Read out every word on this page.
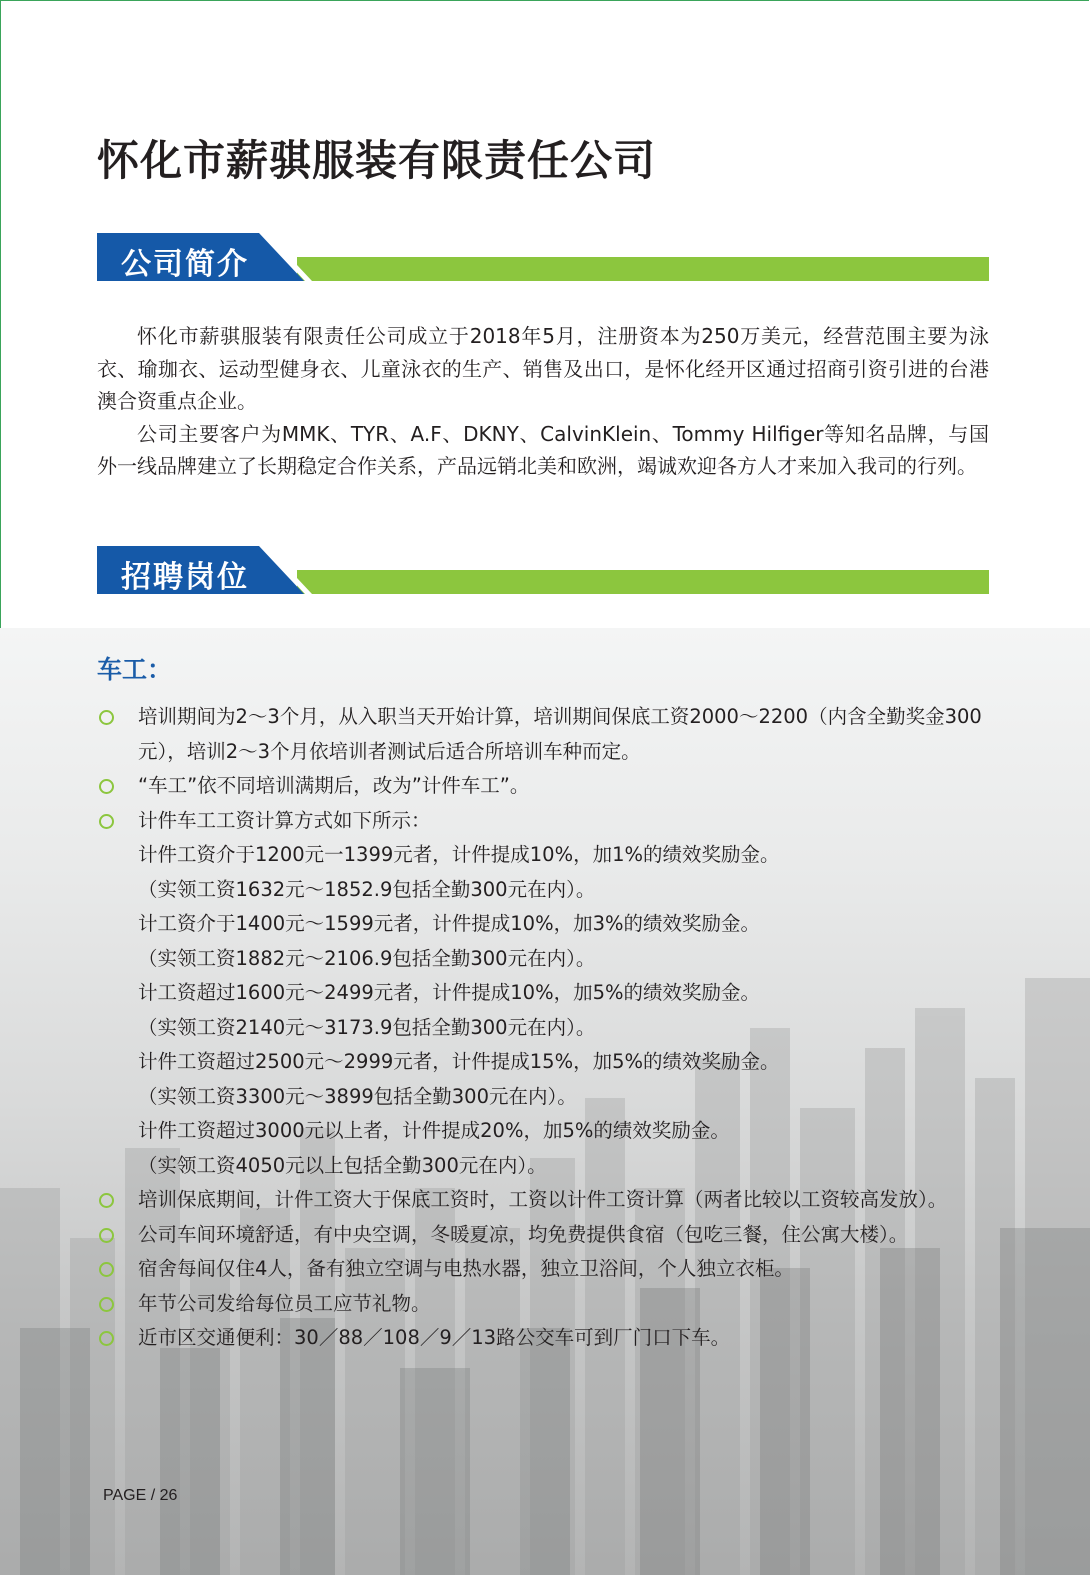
怀化市薪骐服装有限责任公司
公司简介

怀化市薪骐服装有限责任公司成立于2018年5月，注册资本为250万美元，经营范围主要为泳衣、瑜珈衣、运动型健身衣、儿童泳衣的生产、销售及出口，是怀化经开区通过招商引资引进的台港澳合资重点企业。

公司主要客户为MMK、TYR、A.F、DKNY、CalvinKlein、Tommy Hilfiger等知名品牌，与国外一线品牌建立了长期稳定合作关系，产品远销北美和欧洲，竭诚欢迎各方人才来加入我司的行列。

招聘岗位
车工：
培训期间为2～3个月，从入职当天开始计算，培训期间保底工资2000～2200（内含全勤奖金300元），培训2～3个月依培训者测试后适合所培训车种而定。
“车工”依不同培训满期后，改为”计件车工”。
计件车工工资计算方式如下所示：
计件工资介于1200元一1399元者，计件提成10%，加1%的绩效奖励金。
（实领工资1632元～1852.9包括全勤300元在内）。
计工资介于1400元～1599元者，计件提成10%，加3%的绩效奖励金。
（实领工资1882元～2106.9包括全勤300元在内）。
计工资超过1600元～2499元者，计件提成10%，加5%的绩效奖励金。
（实领工资2140元～3173.9包括全勤300元在内）。
计件工资超过2500元～2999元者，计件提成15%，加5%的绩效奖励金。
（实领工资3300元～3899包括全勤300元在内）。
计件工资超过3000元以上者，计件提成20%，加5%的绩效奖励金。
（实领工资4050元以上包括全勤300元在内）。
培训保底期间，计件工资大于保底工资时，工资以计件工资计算（两者比较以工资较高发放）。
公司车间环境舒适，有中央空调，冬暖夏凉，均免费提供食宿（包吃三餐，住公寓大楼）。
宿舍每间仅住4人，备有独立空调与电热水器，独立卫浴间，个人独立衣柜。
年节公司发给每位员工应节礼物。
近市区交通便利：30／88／108／9／13路公交车可到厂门口下车。
PAGE / 26
